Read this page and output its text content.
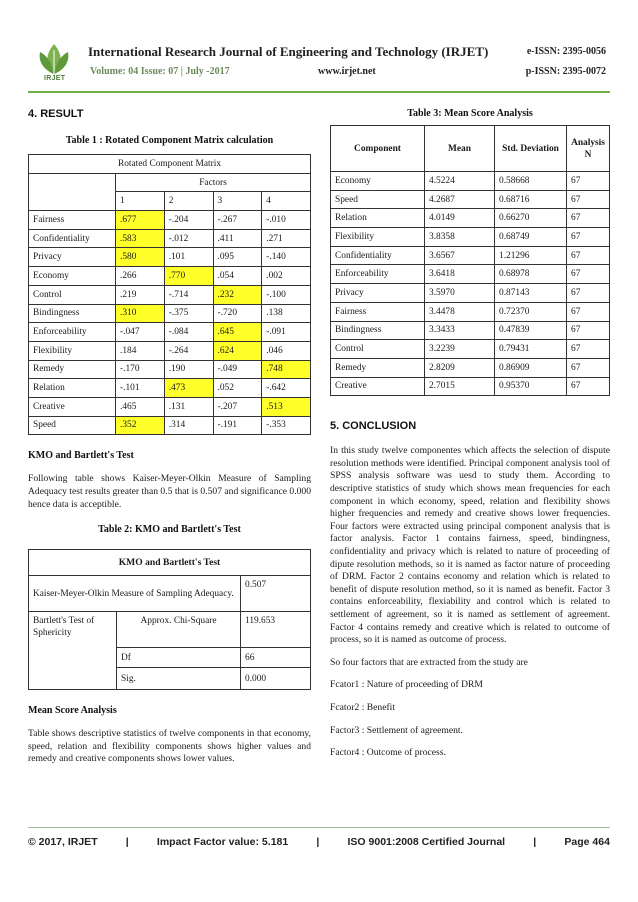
IRJET
International Research Journal of Engineering and Technology (IRJET)	e-ISSN: 2395-0056
Volume: 04 Issue: 07 | July -2017	www.irjet.net	p-ISSN: 2395-0072
4. RESULT
Table 1 : Rotated Component Matrix calculation
Rotated Component Matrix				
	Factors			
	1	2	3	4
Fairness	.677	-.204	-.267	-.010
Confidentiality	.583	-.012	.411	.271
Privacy	.580	.101	.095	-.140
Economy	.266	.770	.054	.002
Control	.219	-.714	.232	-.100
Bindingness	.310	-.375	-.720	.138
Enforceability	-.047	-.084	.645	-.091
Flexibility	.184	-.264	.624	.046
Remedy	-.170	.190	-.049	.748
Relation	-.101	.473	.052	-.642
Creative	.465	.131	-.207	.513
Speed	.352	.314	-.191	-.353
KMO and Bartlett's Test

Following table shows Kaiser-Meyer-Olkin Measure of Sampling Adequacy test results greater than 0.5 that is 0.507 and significance 0.000 hence data is acceptible.

Table 2: KMO and Bartlett's Test
KMO and Bartlett's Test		
Kaiser-Meyer-Olkin Measure of Sampling Adequacy.		0.507
Bartlett's Test of Sphericity	Approx. Chi-Square	119.653
	Df	66
	Sig.	0.000
Mean Score Analysis

Table shows descriptive statistics of twelve components in that economy, speed, relation and flexibility components shows higher values and remedy and creative components shows lower values.

Table 3: Mean Score Analysis
Component	Mean	Std. Deviation	Analysis N
Economy	4.5224	0.58668	67
Speed	4.2687	0.68716	67
Relation	4.0149	0.66270	67
Flexibility	3.8358	0.68749	67
Confidentiality	3.6567	1.21296	67
Enforceability	3.6418	0.68978	67
Privacy	3.5970	0.87143	67
Fairness	3.4478	0.72370	67
Bindingness	3.3433	0.47839	67
Control	3.2239	0.79431	67
Remedy	2.8209	0.86909	67
Creative	2.7015	0.95370	67
5. CONCLUSION

In this study twelve componentes which affects the selection of dispute resolution methods were identified. Principal component analysis tool of SPSS analysis software was uesd to study them. According to descriptive statistics of study which shows mean frequencies for each component in which economy, speed, relation and flexibility shows higher frequencies and remedy and creative shows lower frequencies. Four factors were extracted using principal component analysis that is factor analysis. Factor 1 contains fairness, speed, bindingness, confidentiality and privacy which is related to nature of proceeding of dipute resolution methods, so it is named as factor nature of proceeding of DRM. Factor 2 contains economy and relation which is related to benefit of dispute resolution method, so it is named as benefit. Factor 3 contains enforceability, flexiability and control which is related to settlement of agreement, so it is named as settlement of agreement. Factor 4 contains remedy and creative which is related to outcome of process, so it is named as outcome of process.

So four factors that are extracted from the study are

Fcator1 : Nature of proceeding of DRM

Fcator2 : Benefit

Factor3 : Settlement of agreement.

Factor4 : Outcome of process.

© 2017, IRJET	|	Impact Factor value: 5.181	|	ISO 9001:2008 Certified Journal	|	Page 464
